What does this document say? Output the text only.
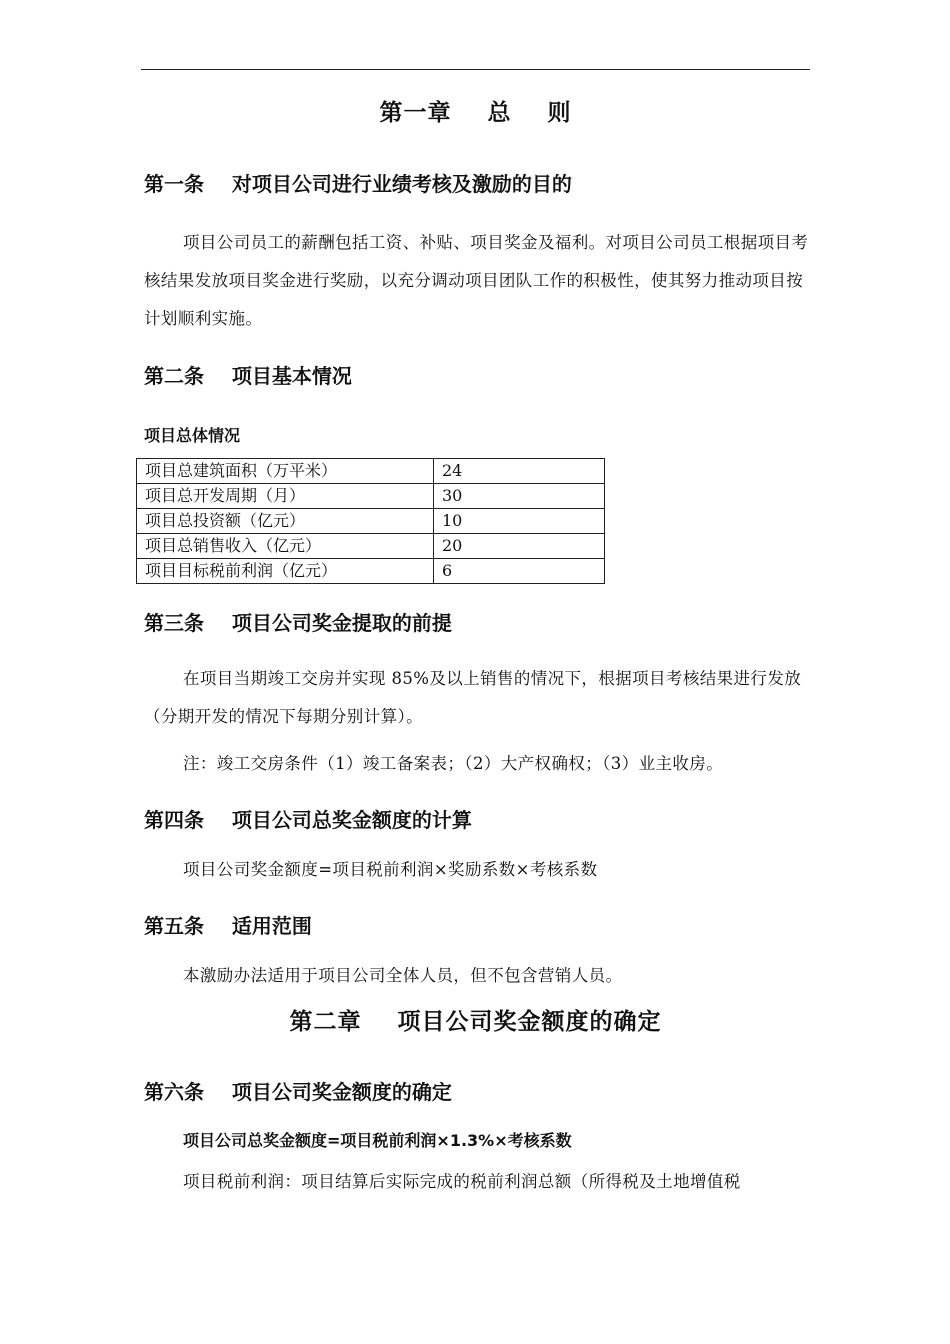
第一章    总    则
第一条    对项目公司进行业绩考核及激励的目的
项目公司员工的薪酬包括工资、补贴、项目奖金及福利。对项目公司员工根据项目考核结果发放项目奖金进行奖励，以充分调动项目团队工作的积极性，使其努力推动项目按计划顺利实施。
第二条    项目基本情况
项目总体情况
项目总建筑面积（万平米）	24
项目总开发周期（月）	30
项目总投资额（亿元）	10
项目总销售收入（亿元）	20
项目目标税前利润（亿元）	6
第三条    项目公司奖金提取的前提
在项目当期竣工交房并实现 85%及以上销售的情况下，根据项目考核结果进行发放（分期开发的情况下每期分别计算）。
注：竣工交房条件（1）竣工备案表；（2）大产权确权；（3）业主收房。
第四条    项目公司总奖金额度的计算
项目公司奖金额度=项目税前利润×奖励系数×考核系数
第五条    适用范围
本激励办法适用于项目公司全体人员，但不包含营销人员。
第二章    项目公司奖金额度的确定
第六条    项目公司奖金额度的确定
项目公司总奖金额度=项目税前利润×1.3%×考核系数
项目税前利润：项目结算后实际完成的税前利润总额（所得税及土地增值税
